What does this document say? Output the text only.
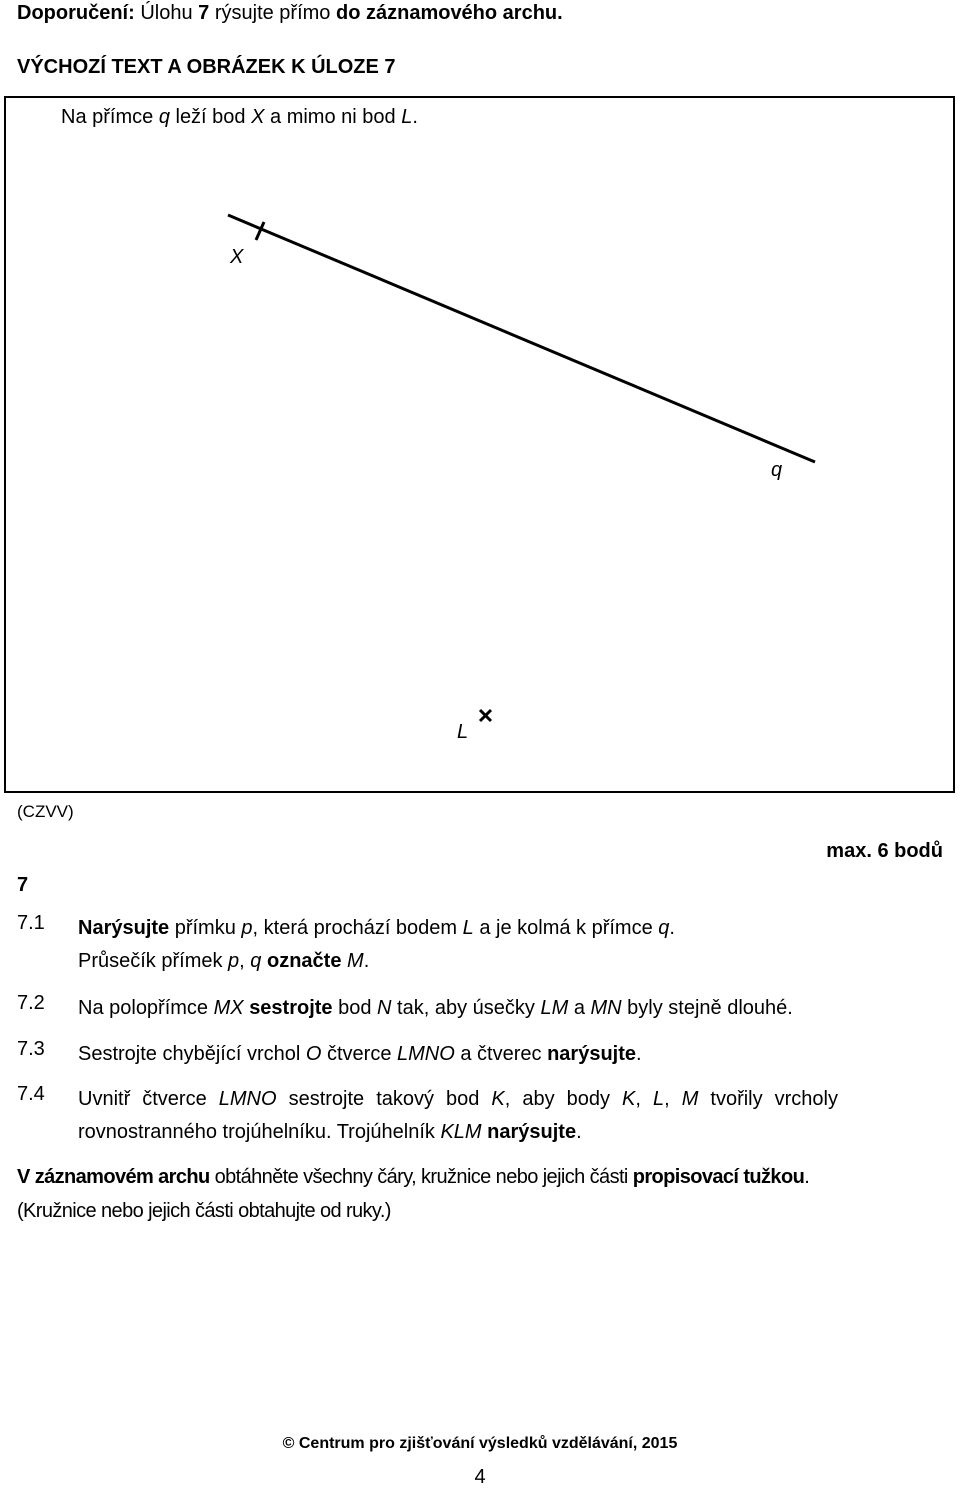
Doporučení: Úlohu 7 rýsujte přímo do záznamového archu.
VÝCHOZÍ TEXT A OBRÁZEK K ÚLOZE 7
Na přímce q leží bod X a mimo ni bod L.
X
q
L
(CZVV)
max. 6 bodů
7
7.1 Narýsujte přímku p, která prochází bodem L a je kolmá k přímce q.
Průsečík přímek p, q označte M.
7.2 Na polopřímce MX sestrojte bod N tak, aby úsečky LM a MN byly stejně dlouhé.
7.3 Sestrojte chybějící vrchol O čtverce LMNO a čtverec narýsujte.
7.4 Uvnitř čtverce LMNO sestrojte takový bod K, aby body K, L, M tvořily vrcholy rovnostranného trojúhelníku. Trojúhelník KLM narýsujte.
V záznamovém archu obtáhněte všechny čáry, kružnice nebo jejich části propisovací tužkou.
(Kružnice nebo jejich části obtahujte od ruky.)
© Centrum pro zjišťování výsledků vzdělávání, 2015
4
